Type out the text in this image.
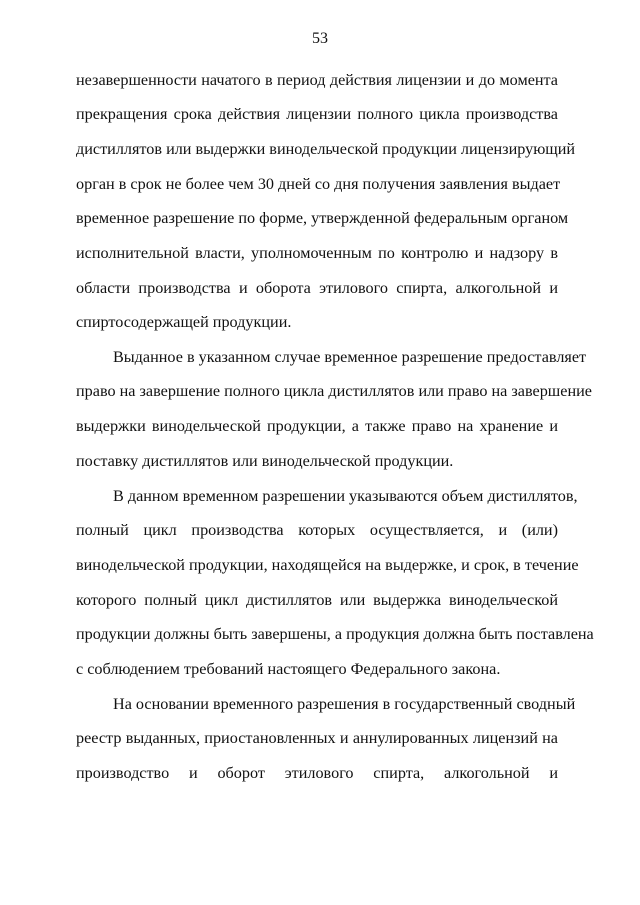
53
незавершенности начатого в период действия лицензии и до момента
прекращения срока действия лицензии полного цикла производства
дистиллятов или выдержки винодельческой продукции лицензирующий
орган в срок не более чем 30 дней со дня получения заявления выдает
временное разрешение по форме, утвержденной федеральным органом
исполнительной власти, уполномоченным по контролю и надзору в
области производства и оборота этилового спирта, алкогольной и
спиртосодержащей продукции.
Выданное в указанном случае временное разрешение предоставляет
право на завершение полного цикла дистиллятов или право на завершение
выдержки винодельческой продукции, а также право на хранение и
поставку дистиллятов или винодельческой продукции.
В данном временном разрешении указываются объем дистиллятов,
полный цикл производства которых осуществляется, и (или)
винодельческой продукции, находящейся на выдержке, и срок, в течение
которого полный цикл дистиллятов или выдержка винодельческой
продукции должны быть завершены, а продукция должна быть поставлена
с соблюдением требований настоящего Федерального закона.
На основании временного разрешения в государственный сводный
реестр выданных, приостановленных и аннулированных лицензий на
производство и оборот этилового спирта, алкогольной и
